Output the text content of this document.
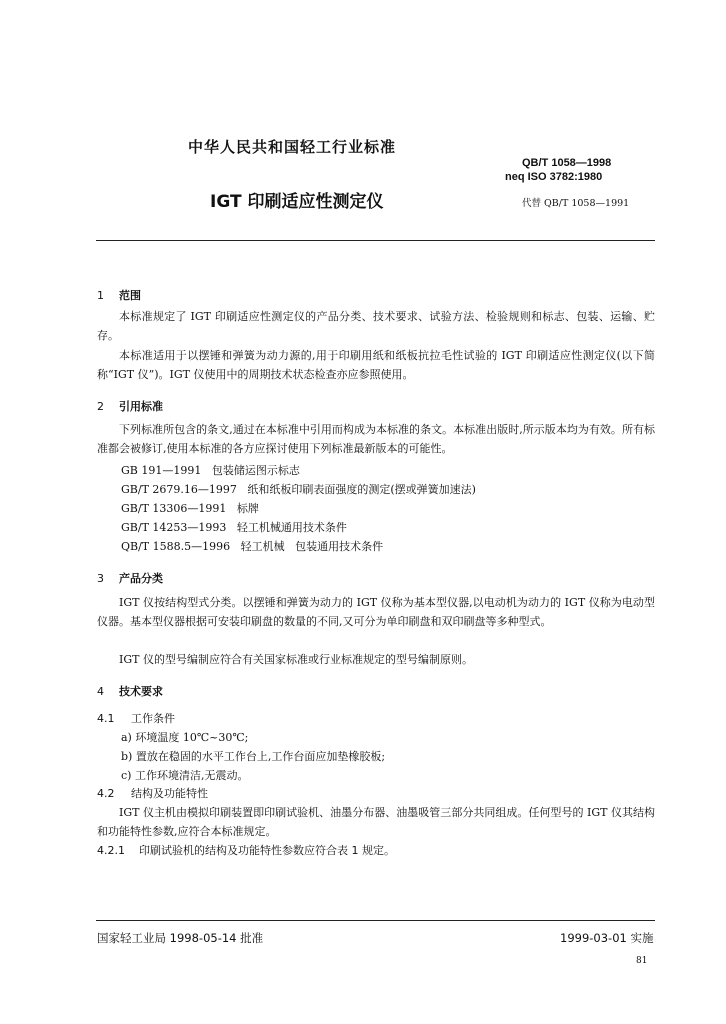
中华人民共和国轻工行业标准
QB/T 1058—1998
neq ISO 3782:1980
IGT 印刷适应性测定仪	代替 QB/T 1058—1991
1 范围
本标准规定了 IGT 印刷适应性测定仪的产品分类、技术要求、试验方法、检验规则和标志、包装、运输、贮存。
本标准适用于以摆锤和弹簧为动力源的,用于印刷用纸和纸板抗拉毛性试验的 IGT 印刷适应性测定仪(以下简称“IGT 仪”)。IGT 仪使用中的周期技术状态检查亦应参照使用。
2 引用标准
下列标准所包含的条文,通过在本标准中引用而构成为本标准的条文。本标准出版时,所示版本均为有效。所有标准都会被修订,使用本标准的各方应探讨使用下列标准最新版本的可能性。
GB 191—1991   包装储运图示标志
GB/T 2679.16—1997   纸和纸板印刷表面强度的测定(摆或弹簧加速法)
GB/T 13306—1991   标牌
GB/T 14253—1993   轻工机械通用技术条件
QB/T 1588.5—1996   轻工机械   包装通用技术条件
3 产品分类
IGT 仪按结构型式分类。以摆锤和弹簧为动力的 IGT 仪称为基本型仪器,以电动机为动力的 IGT 仪称为电动型仪器。基本型仪器根据可安装印刷盘的数量的不同,又可分为单印刷盘和双印刷盘等多种型式。
IGT 仪的型号编制应符合有关国家标准或行业标准规定的型号编制原则。
4 技术要求
4.1 工作条件
a) 环境温度 10℃~30℃;
b) 置放在稳固的水平工作台上,工作台面应加垫橡胶板;
c) 工作环境清洁,无震动。
4.2 结构及功能特性
IGT 仪主机由模拟印刷装置即印刷试验机、油墨分布器、油墨吸管三部分共同组成。任何型号的 IGT 仪其结构和功能特性参数,应符合本标准规定。
4.2.1 印刷试验机的结构及功能特性参数应符合表 1 规定。
国家轻工业局 1998-05-14 批准	1999-03-01 实施
81
